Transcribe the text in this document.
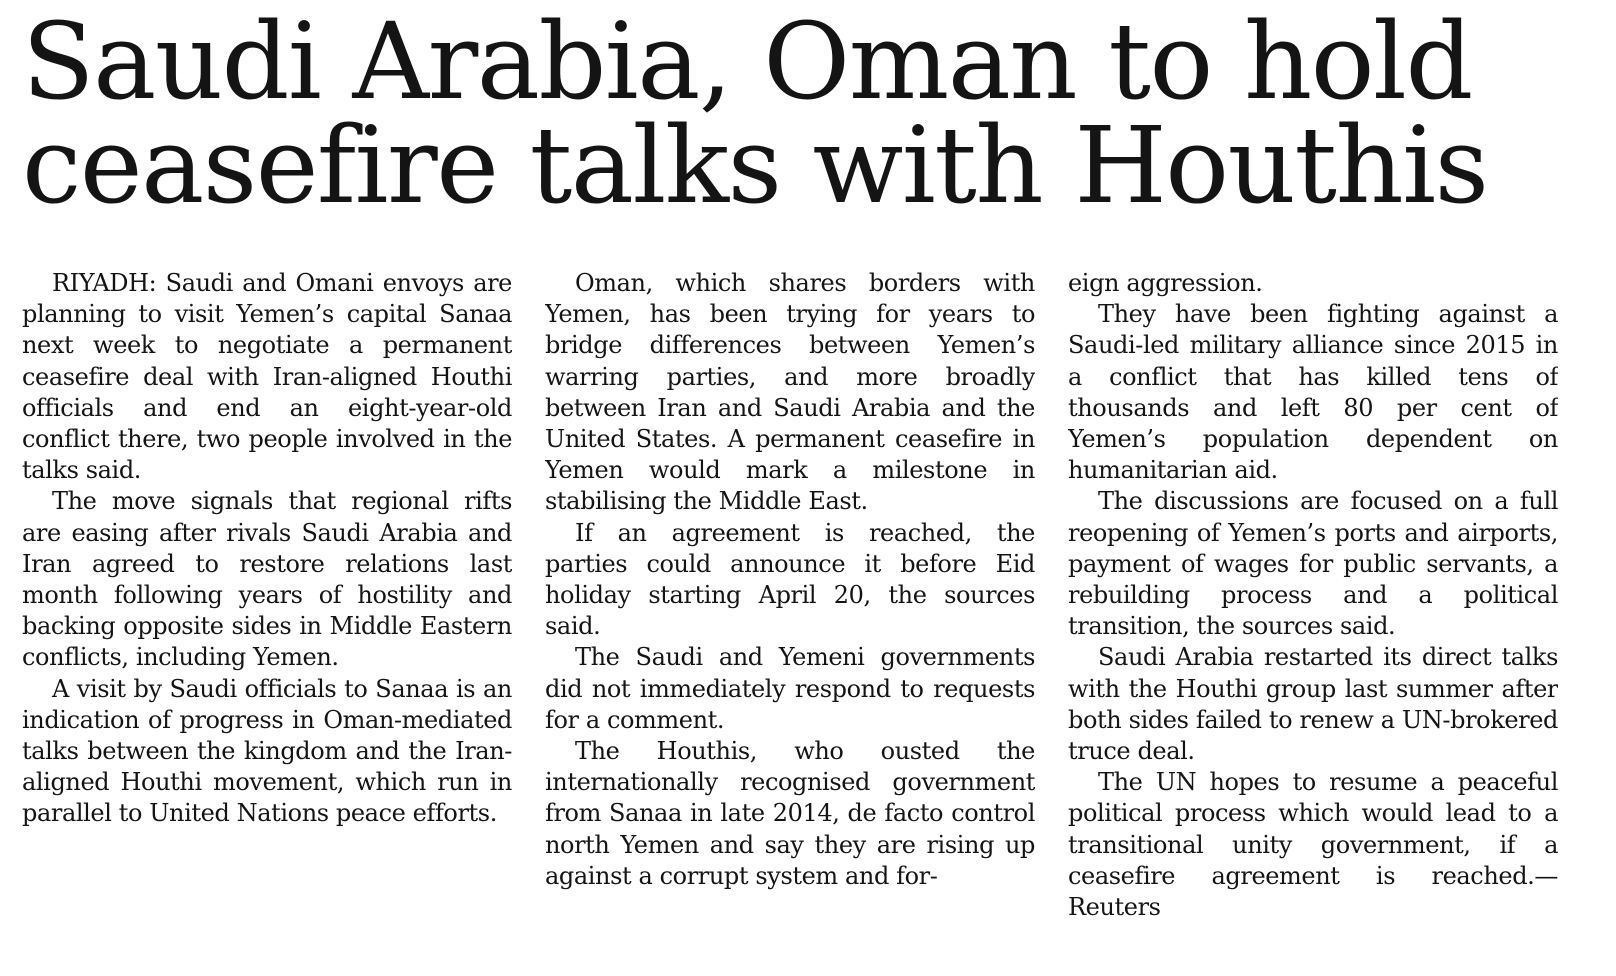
Saudi Arabia, Oman to hold
ceasefire talks with Houthis

RIYADH: Saudi and Omani envoys are planning to visit Yemen’s capital Sanaa next week to negotiate a permanent ceasefire deal with Iran-aligned Houthi officials and end an eight-year-old conflict there, two people involved in the talks said.

The move signals that regional rifts are easing after rivals Saudi Arabia and Iran agreed to restore relations last month following years of hostility and backing opposite sides in Middle Eastern conflicts, including Yemen.

A visit by Saudi officials to Sanaa is an indication of progress in Oman-mediated talks between the kingdom and the Iran-aligned Houthi movement, which run in parallel to United Nations peace efforts.

Oman, which shares borders with Yemen, has been trying for years to bridge differences between Yemen’s warring parties, and more broadly between Iran and Saudi Arabia and the United States. A permanent ceasefire in Yemen would mark a milestone in stabilising the Middle East.

If an agreement is reached, the parties could announce it before Eid holiday starting April 20, the sources said.

The Saudi and Yemeni governments did not immediately respond to requests for a comment.

The Houthis, who ousted the internationally recognised government from Sanaa in late 2014, de facto control north Yemen and say they are rising up against a corrupt system and for-

eign aggression.

They have been fighting against a Saudi-led military alliance since 2015 in a conflict that has killed tens of thousands and left 80 per cent of Yemen’s population dependent on humanitarian aid.

The discussions are focused on a full reopening of Yemen’s ports and airports, payment of wages for public servants, a rebuilding process and a political transition, the sources said.

Saudi Arabia restarted its direct talks with the Houthi group last summer after both sides failed to renew a UN-brokered truce deal.

The UN hopes to resume a peaceful political process which would lead to a transitional unity government, if a ceasefire agreement is reached.—Reuters
